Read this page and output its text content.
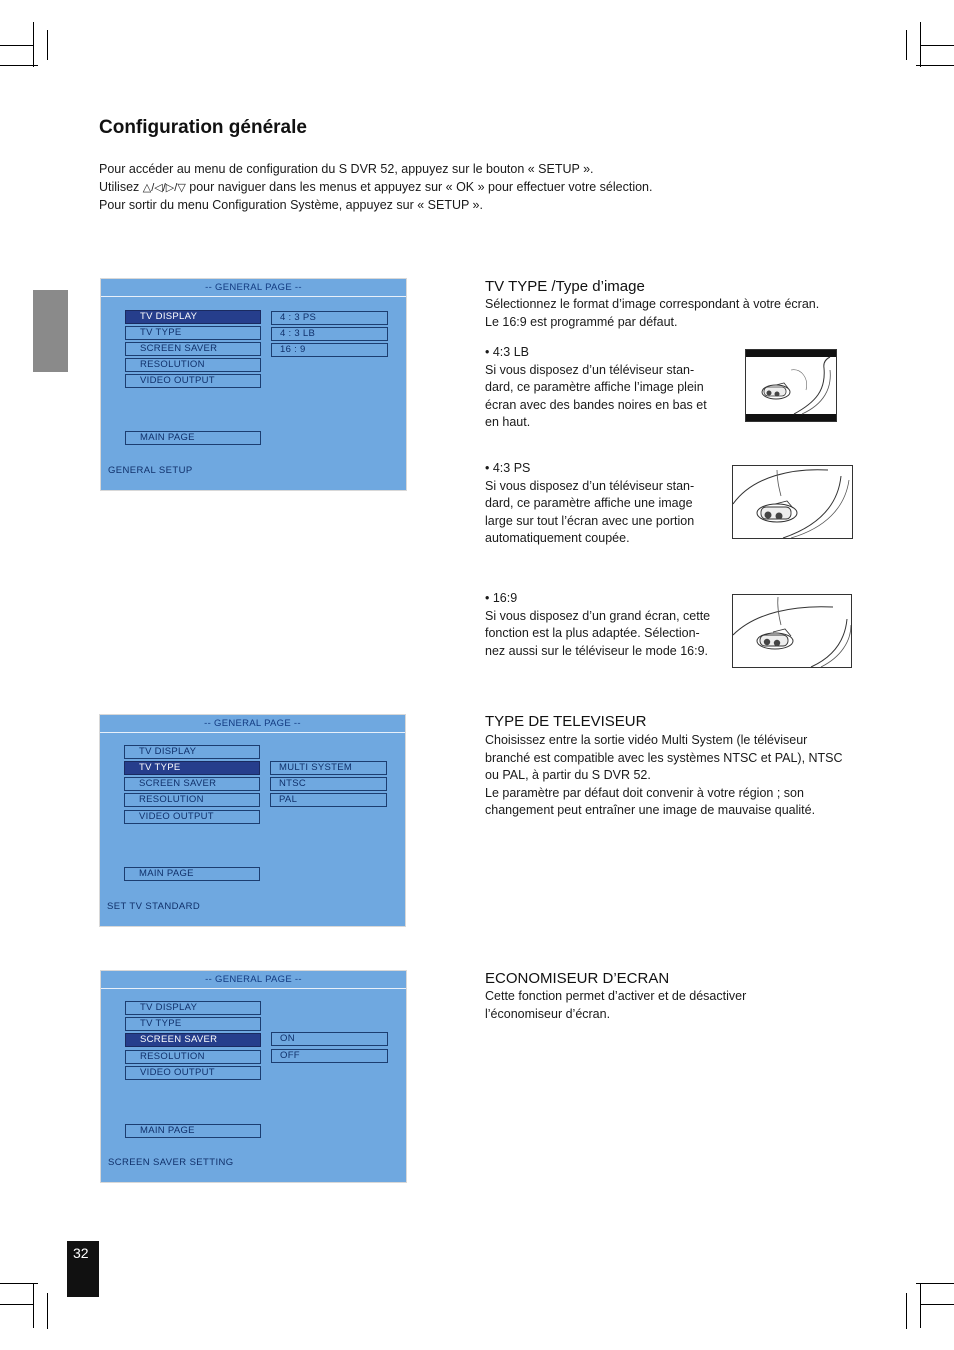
Configuration générale
Pour accéder au menu de configuration du S DVR 52, appuyez sur le bouton « SETUP ».
Utilisez △/◁/▷/▽ pour naviguer dans les menus et appuyez sur « OK » pour effectuer votre sélection.
Pour sortir du menu Configuration Système, appuyez sur « SETUP ».
-- GENERAL PAGE --
TV DISPLAY
TV TYPE
SCREEN SAVER
RESOLUTION
VIDEO OUTPUT
4 : 3 PS
4 : 3 LB
16 : 9
MAIN PAGE
GENERAL SETUP
-- GENERAL PAGE --
TV DISPLAY
TV TYPE
SCREEN SAVER
RESOLUTION
VIDEO OUTPUT
MULTI SYSTEM
NTSC
PAL
MAIN PAGE
SET TV STANDARD
-- GENERAL PAGE --
TV DISPLAY
TV TYPE
SCREEN SAVER
RESOLUTION
VIDEO OUTPUT
ON
OFF
MAIN PAGE
SCREEN SAVER SETTING
TV TYPE /Type d’image
Sélectionnez le format d’image correspondant à votre écran.
Le 16:9 est programmé par défaut.
• 4:3 LB
Si vous disposez d’un téléviseur stan-
dard, ce paramètre affiche l’image plein
écran avec des bandes noires en bas et
en haut.
• 4:3 PS
Si vous disposez d’un téléviseur stan-
dard, ce paramètre affiche une image
large sur tout l’écran avec une portion
automatiquement coupée.
• 16:9
Si vous disposez d’un grand écran, cette
fonction est la plus adaptée. Sélection-
nez aussi sur le téléviseur le mode 16:9.
TYPE DE TELEVISEUR
Choisissez entre la sortie vidéo Multi System (le téléviseur
branché est compatible avec les systèmes NTSC et PAL), NTSC
ou PAL, à partir du S DVR 52.
Le paramètre par défaut doit convenir à votre région ; son
changement peut entraîner une image de mauvaise qualité.
ECONOMISEUR D’ECRAN
Cette fonction permet d’activer et de désactiver
l’économiseur d’écran.
32
